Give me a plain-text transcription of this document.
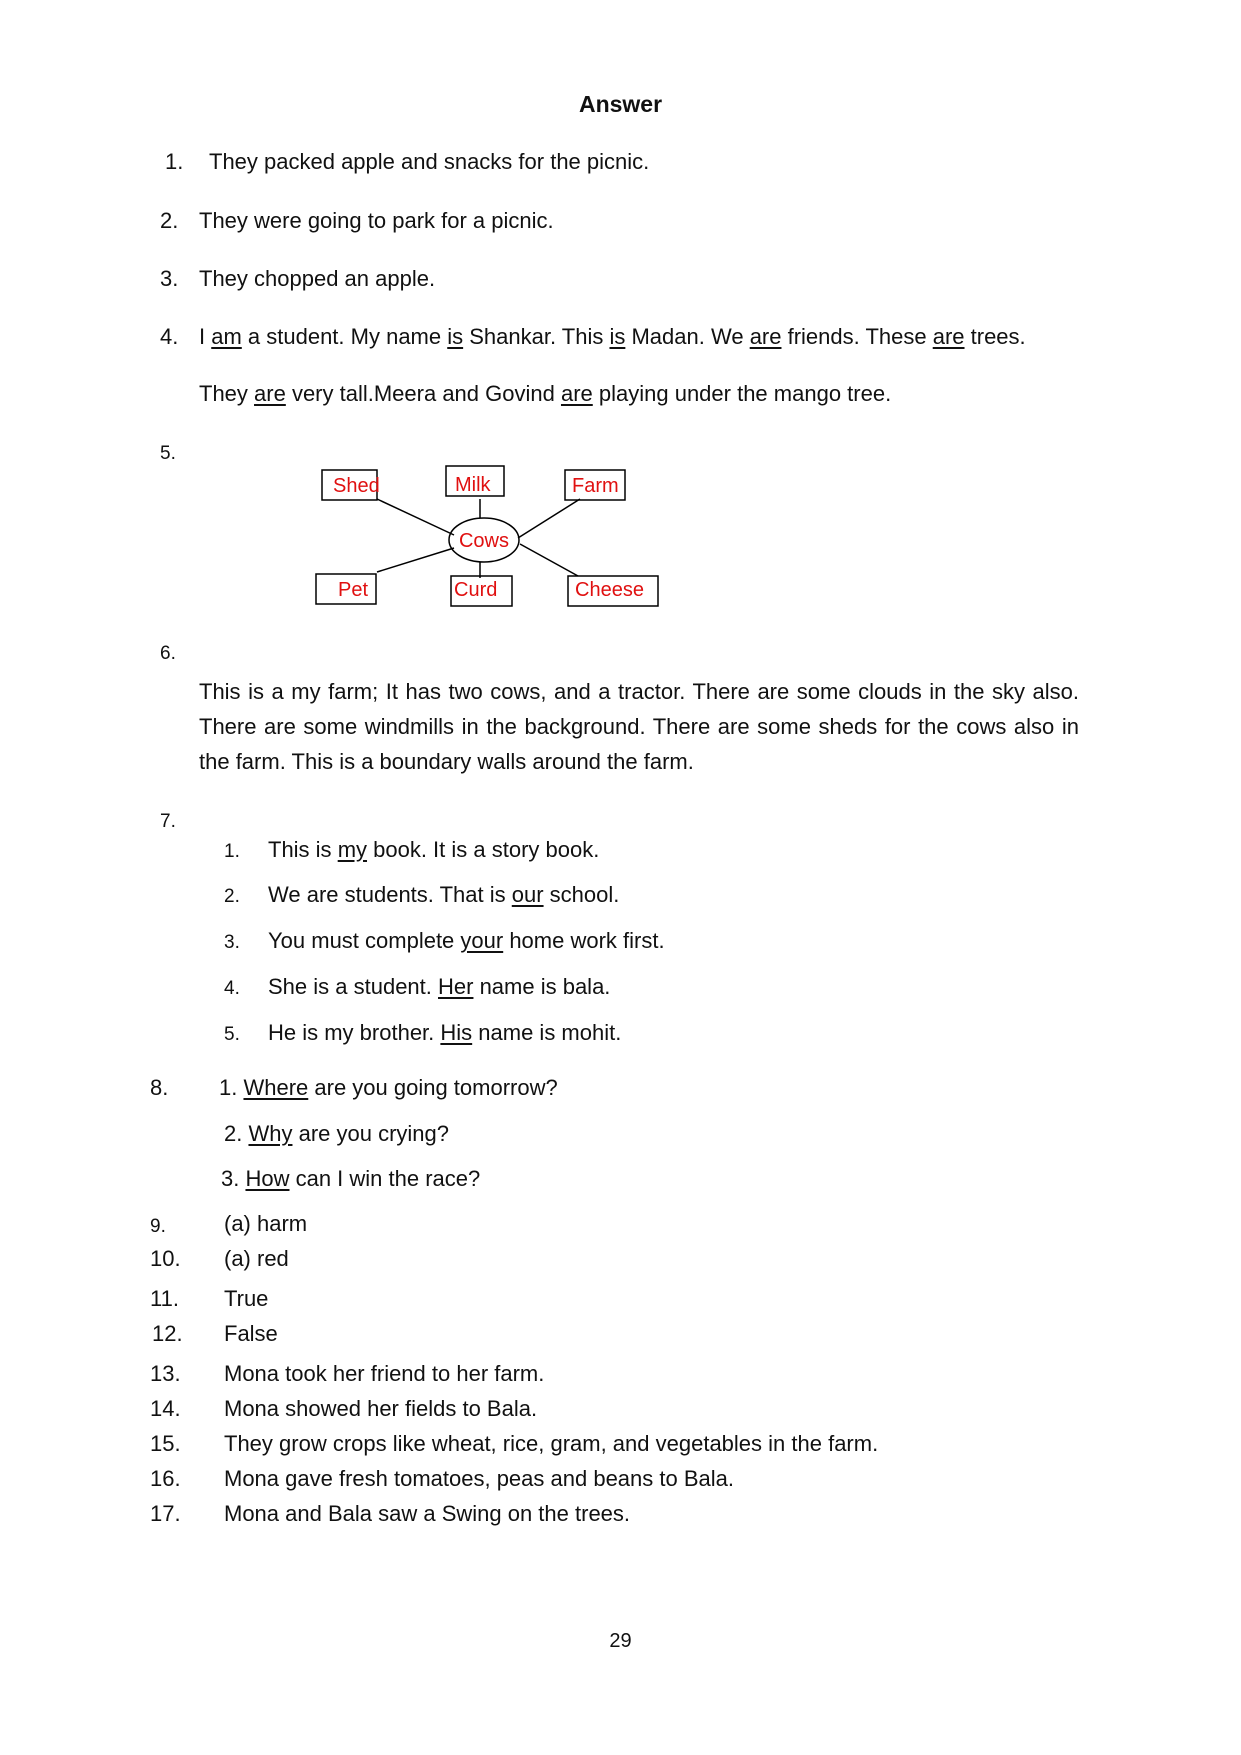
Answer
1. They packed apple and snacks for the picnic.
2. They were going to park for a picnic.
3. They chopped an apple.
4. I am a student. My name is Shankar. This is Madan. We are friends. These are trees.
They are very tall.Meera and Govind are playing under the mango tree.
5.
Cows
Shed	Milk	Farm
Pet	Curd	Cheese
6.
This is a my farm; It has two cows, and a tractor. There are some clouds in the sky also. There are some windmills in the background. There are some sheds for the cows also in the farm. This is a boundary walls around the farm.
7.
1. This is my book. It is a story book.
2. We are students. That is our school.
3. You must complete your home work first.
4. She is a student. Her name is bala.
5. He is my brother. His name is mohit.
8. 1. Where are you going tomorrow?
2. Why are you crying?
3. How can I win the race?
9.	(a) harm
10. (a) red
11. True
12. False
13. Mona took her friend to her farm.
14. Mona showed her fields to Bala.
15. They grow crops like wheat, rice, gram, and vegetables in the farm.
16. Mona gave fresh tomatoes, peas and beans to Bala.
17. Mona and Bala saw a Swing on the trees.
29
